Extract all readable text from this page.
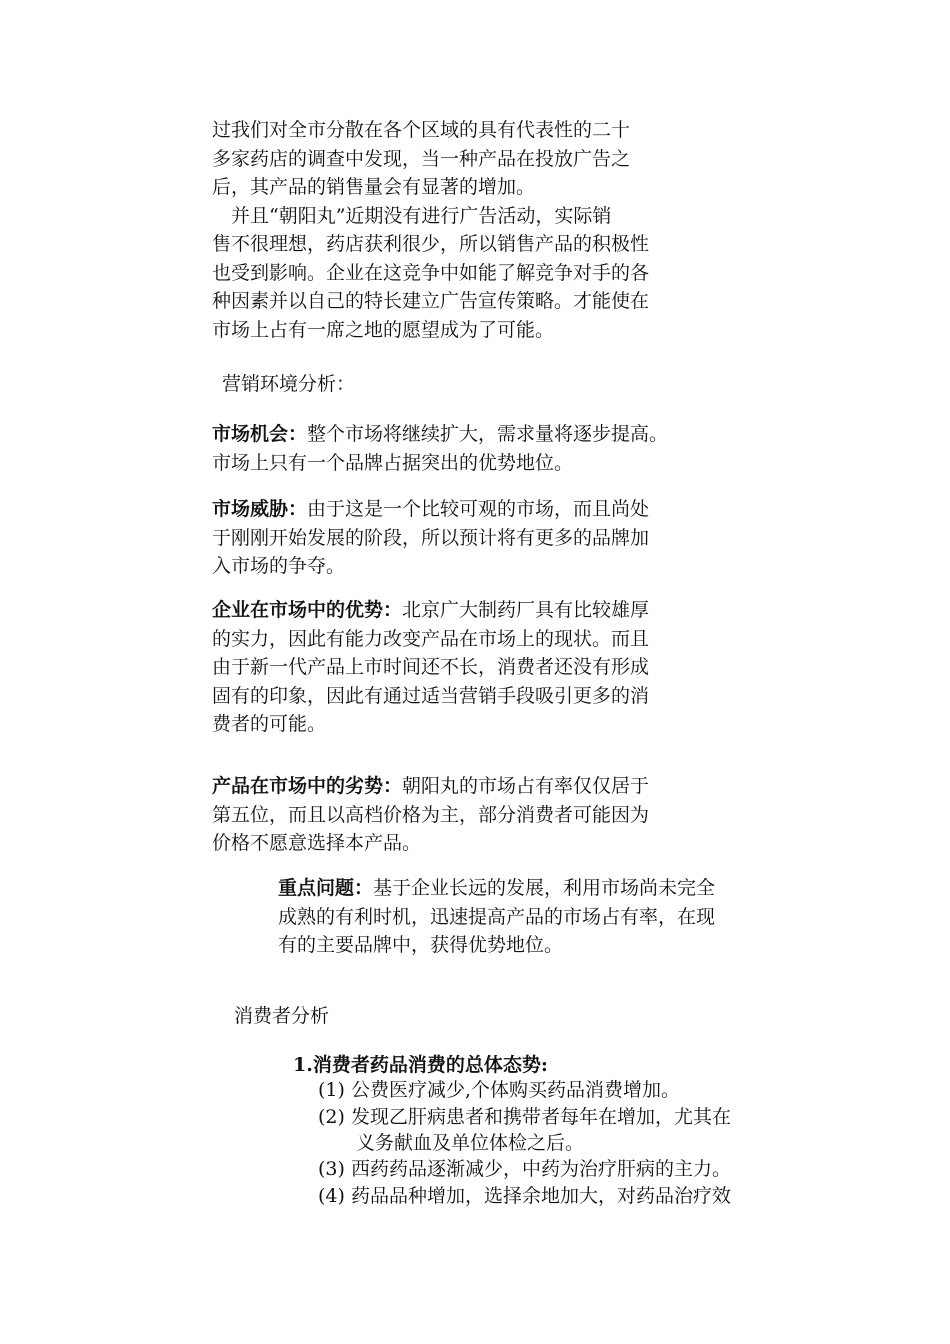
过我们对全市分散在各个区域的具有代表性的二十
多家药店的调查中发现，当一种产品在投放广告之
后，其产品的销售量会有显著的增加。
　并且“朝阳丸”近期没有进行广告活动，实际销
售不很理想，药店获利很少，所以销售产品的积极性
也受到影响。企业在这竞争中如能了解竞争对手的各
种因素并以自己的特长建立广告宣传策略。才能使在
市场上占有一席之地的愿望成为了可能。
营销环境分析：
市场机会：整个市场将继续扩大，需求量将逐步提高。
市场上只有一个品牌占据突出的优势地位。
市场威胁：由于这是一个比较可观的市场，而且尚处
于刚刚开始发展的阶段，所以预计将有更多的品牌加
入市场的争夺。
企业在市场中的优势：北京广大制药厂具有比较雄厚
的实力，因此有能力改变产品在市场上的现状。而且
由于新一代产品上市时间还不长，消费者还没有形成
固有的印象，因此有通过适当营销手段吸引更多的消
费者的可能。
产品在市场中的劣势：朝阳丸的市场占有率仅仅居于
第五位，而且以高档价格为主，部分消费者可能因为
价格不愿意选择本产品。
重点问题：基于企业长远的发展，利用市场尚未完全
成熟的有利时机，迅速提高产品的市场占有率，在现
有的主要品牌中，获得优势地位。
消费者分析
1.消费者药品消费的总体态势:
(1) 公费医疗减少,个体购买药品消费增加。
(2) 发现乙肝病患者和携带者每年在增加，尤其在
义务献血及单位体检之后。
(3) 西药药品逐渐减少，中药为治疗肝病的主力。
(4) 药品品种增加，选择余地加大，对药品治疗效
